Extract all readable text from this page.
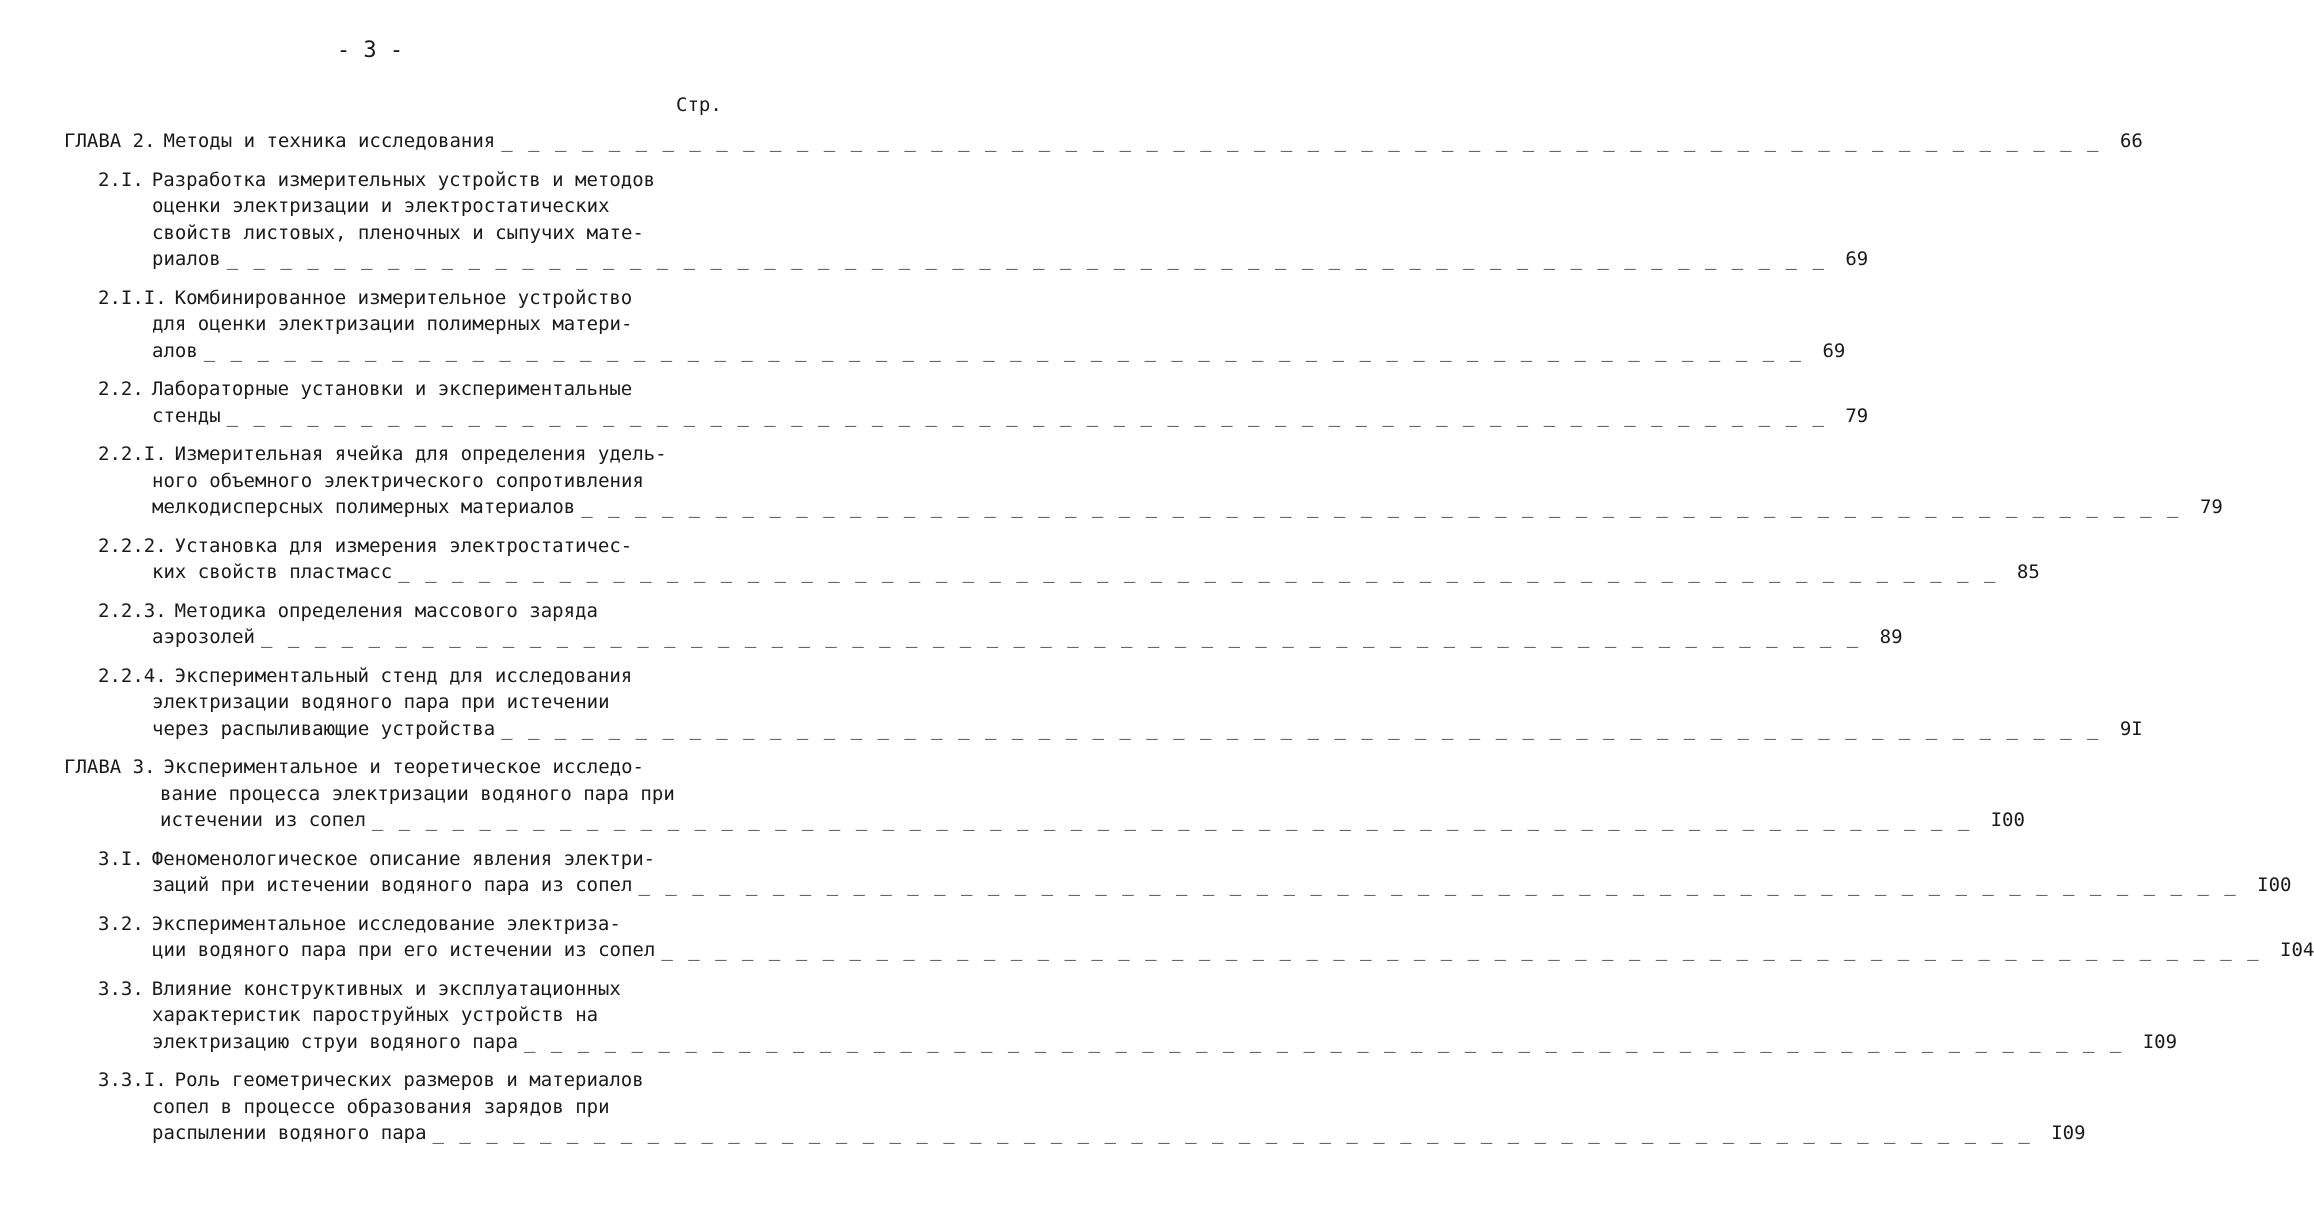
- 3 -
Стр.
ГЛАВА 2. Методы и техника исследования _ _ _ _ _ _ _ _ _ _ _ _ _ _ _ _ _ _ _ _ _ _ _ _ _ _ _ _ _ _ _ _ _ _ _ _ _ _ _ _ _ _ _ _ _ _ _ _ _ _ _ _ _ _ _ _ _ _ _ _ 66
2.I. Разработка измерительных устройств и методов
оценки электризации и электростатических
свойств листовых, пленочных и сыпучих мате-
риалов _ _ _ _ _ _ _ _ _ _ _ _ _ _ _ _ _ _ _ _ _ _ _ _ _ _ _ _ _ _ _ _ _ _ _ _ _ _ _ _ _ _ _ _ _ _ _ _ _ _ _ _ _ _ _ _ _ _ _ _ 69
2.I.I. Комбинированное измерительное устройство
для оценки электризации полимерных матери-
алов _ _ _ _ _ _ _ _ _ _ _ _ _ _ _ _ _ _ _ _ _ _ _ _ _ _ _ _ _ _ _ _ _ _ _ _ _ _ _ _ _ _ _ _ _ _ _ _ _ _ _ _ _ _ _ _ _ _ _ _ 69
2.2. Лабораторные установки и экспериментальные
стенды _ _ _ _ _ _ _ _ _ _ _ _ _ _ _ _ _ _ _ _ _ _ _ _ _ _ _ _ _ _ _ _ _ _ _ _ _ _ _ _ _ _ _ _ _ _ _ _ _ _ _ _ _ _ _ _ _ _ _ _ 79
2.2.I. Измерительная ячейка для определения удель-
ного объемного электрического сопротивления
мелкодисперсных полимерных материалов _ _ _ _ _ _ _ _ _ _ _ _ _ _ _ _ _ _ _ _ _ _ _ _ _ _ _ _ _ _ _ _ _ _ _ _ _ _ _ _ _ _ _ _ _ _ _ _ _ _ _ _ _ _ _ _ _ _ _ _ 79
2.2.2. Установка для измерения электростатичес-
ких свойств пластмасс _ _ _ _ _ _ _ _ _ _ _ _ _ _ _ _ _ _ _ _ _ _ _ _ _ _ _ _ _ _ _ _ _ _ _ _ _ _ _ _ _ _ _ _ _ _ _ _ _ _ _ _ _ _ _ _ _ _ _ _ 85
2.2.3. Методика определения массового заряда
аэрозолей _ _ _ _ _ _ _ _ _ _ _ _ _ _ _ _ _ _ _ _ _ _ _ _ _ _ _ _ _ _ _ _ _ _ _ _ _ _ _ _ _ _ _ _ _ _ _ _ _ _ _ _ _ _ _ _ _ _ _ _ 89
2.2.4. Экспериментальный стенд для исследования
электризации водяного пара при истечении
через распыливающие устройства _ _ _ _ _ _ _ _ _ _ _ _ _ _ _ _ _ _ _ _ _ _ _ _ _ _ _ _ _ _ _ _ _ _ _ _ _ _ _ _ _ _ _ _ _ _ _ _ _ _ _ _ _ _ _ _ _ _ _ _ 9I
ГЛАВА 3. Экспериментальное и теоретическое исследо-
вание процесса электризации водяного пара при
истечении из сопел _ _ _ _ _ _ _ _ _ _ _ _ _ _ _ _ _ _ _ _ _ _ _ _ _ _ _ _ _ _ _ _ _ _ _ _ _ _ _ _ _ _ _ _ _ _ _ _ _ _ _ _ _ _ _ _ _ _ _ _ I00
3.I. Феноменологическое описание явления электри-
заций при истечении водяного пара из сопел _ _ _ _ _ _ _ _ _ _ _ _ _ _ _ _ _ _ _ _ _ _ _ _ _ _ _ _ _ _ _ _ _ _ _ _ _ _ _ _ _ _ _ _ _ _ _ _ _ _ _ _ _ _ _ _ _ _ _ _ I00
3.2. Экспериментальное исследование электриза-
ции водяного пара при его истечении из сопел _ _ _ _ _ _ _ _ _ _ _ _ _ _ _ _ _ _ _ _ _ _ _ _ _ _ _ _ _ _ _ _ _ _ _ _ _ _ _ _ _ _ _ _ _ _ _ _ _ _ _ _ _ _ _ _ _ _ _ _ I04
3.3. Влияние конструктивных и эксплуатационных
характеристик пароструйных устройств на
электризацию струи водяного пара _ _ _ _ _ _ _ _ _ _ _ _ _ _ _ _ _ _ _ _ _ _ _ _ _ _ _ _ _ _ _ _ _ _ _ _ _ _ _ _ _ _ _ _ _ _ _ _ _ _ _ _ _ _ _ _ _ _ _ _ I09
3.3.I. Роль геометрических размеров и материалов
сопел в процессе образования зарядов при
распылении водяного пара _ _ _ _ _ _ _ _ _ _ _ _ _ _ _ _ _ _ _ _ _ _ _ _ _ _ _ _ _ _ _ _ _ _ _ _ _ _ _ _ _ _ _ _ _ _ _ _ _ _ _ _ _ _ _ _ _ _ _ _ I09
